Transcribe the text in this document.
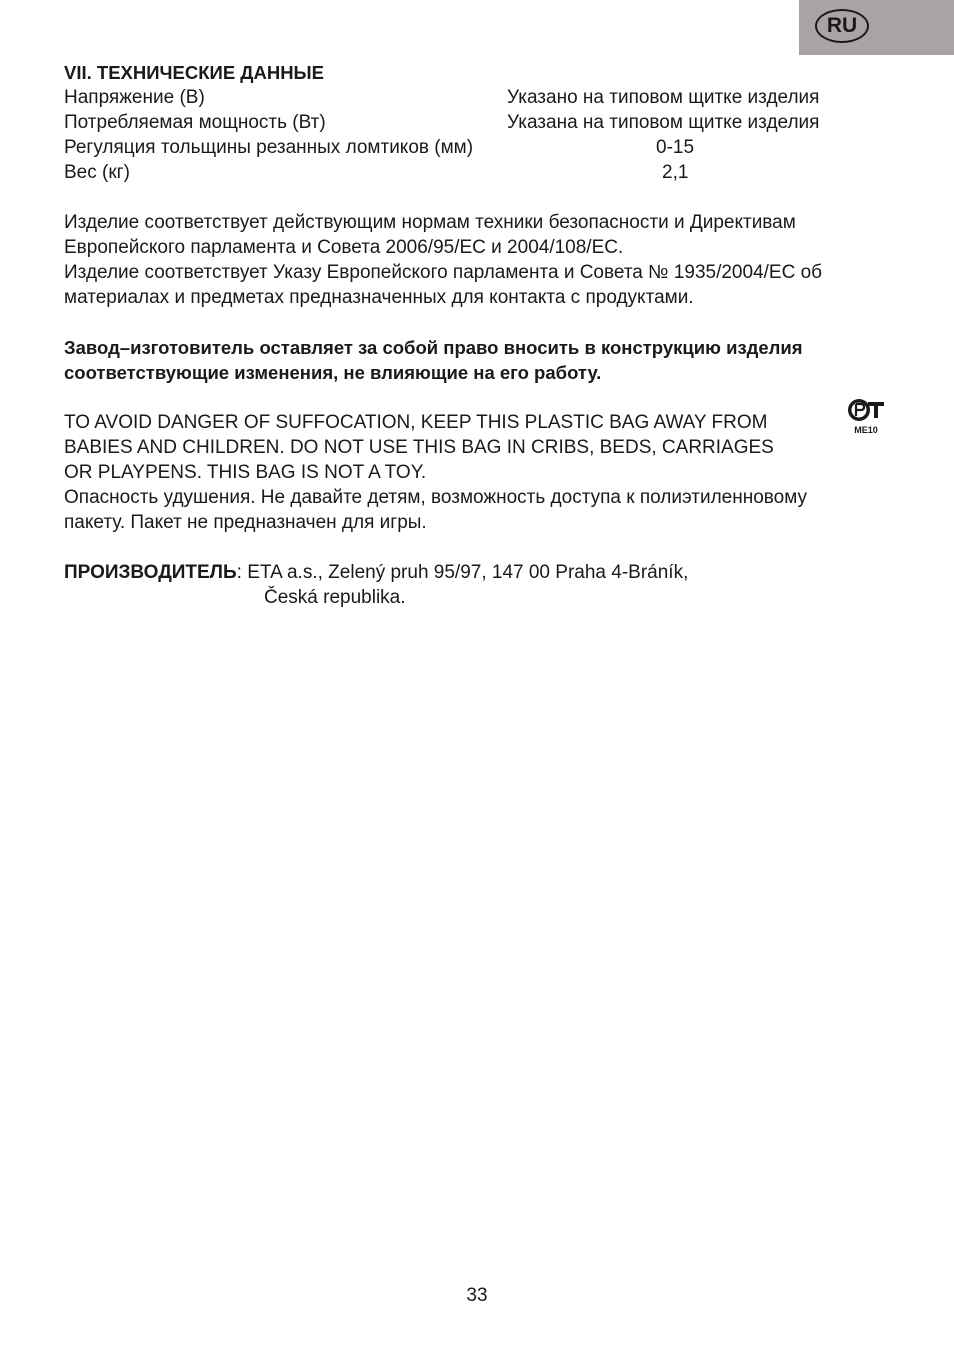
RU
VII. ТЕХНИЧЕСКИЕ ДАННЫЕ
Напряжение (В)	Указано на типовом щитке изделия
Потребляемая мощность (Вт)	Указана на типовом щитке изделия
Регуляция тольщины резанных ломтиков (мм)	0-15
Вес (кг)	2,1

Изделие соответствует действующим нормам техники безопасности и Директивам

Европейского парламента и Совета 2006/95/ЕС и 2004/108/ЕС.

Изделие соответствует Указу Европейского парламента и Совета № 1935/2004/ЕС об

материалах и предметах предназначенных для контакта с продуктами.

Завод–изготовитель оставляет за собой право вносить в конструкцию изделия

соответствующие изменения, не влияющие на его работу.

TO AVOID DANGER OF SUFFOCATION, KEEP THIS PLASTIC BAG AWAY FROM

BABIES AND CHILDREN. DO NOT USE THIS BAG IN CRIBS, BEDS, CARRIAGES

OR PLAYPENS. THIS BAG IS NOT A TOY.

ME10

Опасность удушения. Не давайте детям, возможность доступа к полиэтиленновому

пакету. Пакет не предназначен для игры.

ПРОИЗВОДИТЕЛЬ: ETA a.s., Zelený pruh 95/97, 147 00 Praha 4-Bráník,
Česká republika.
33
